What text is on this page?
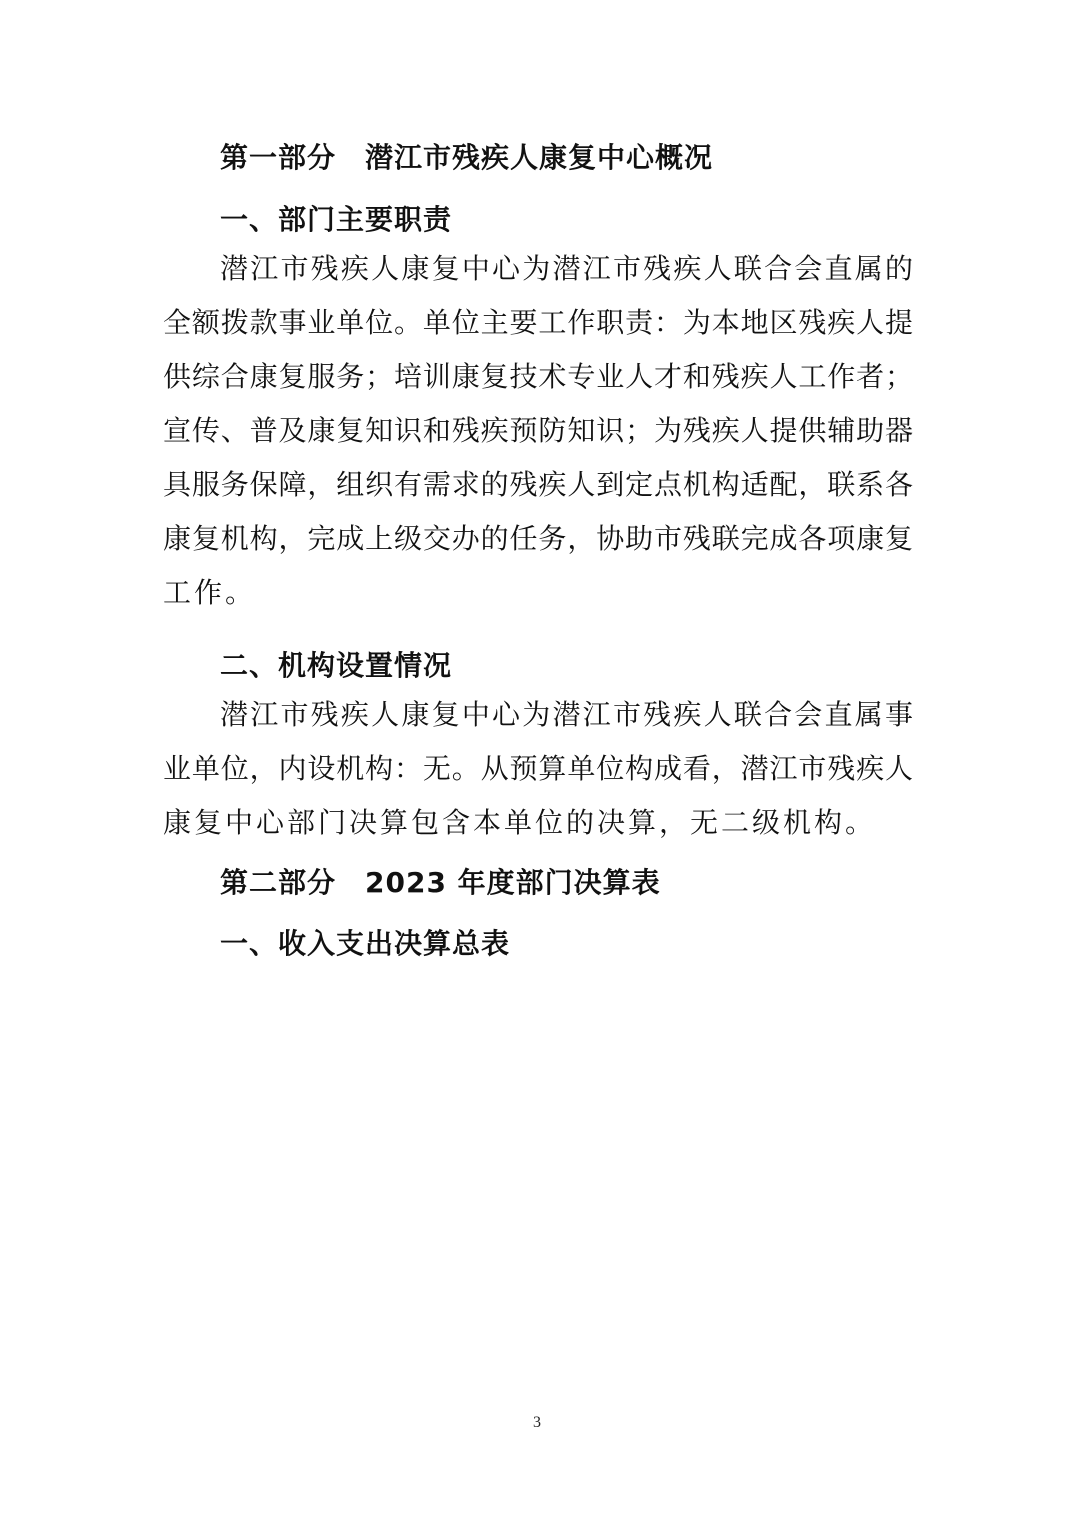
第一部分　潜江市残疾人康复中心概况
一、部门主要职责
潜江市残疾人康复中心为潜江市残疾人联合会直属的
全额拨款事业单位。单位主要工作职责：为本地区残疾人提
供综合康复服务；培训康复技术专业人才和残疾人工作者；
宣传、普及康复知识和残疾预防知识；为残疾人提供辅助器
具服务保障，组织有需求的残疾人到定点机构适配，联系各
康复机构，完成上级交办的任务，协助市残联完成各项康复
工作。
二、机构设置情况
潜江市残疾人康复中心为潜江市残疾人联合会直属事
业单位，内设机构：无。从预算单位构成看，潜江市残疾人
康复中心部门决算包含本单位的决算，无二级机构。
第二部分　2023 年度部门决算表
一、收入支出决算总表
3
